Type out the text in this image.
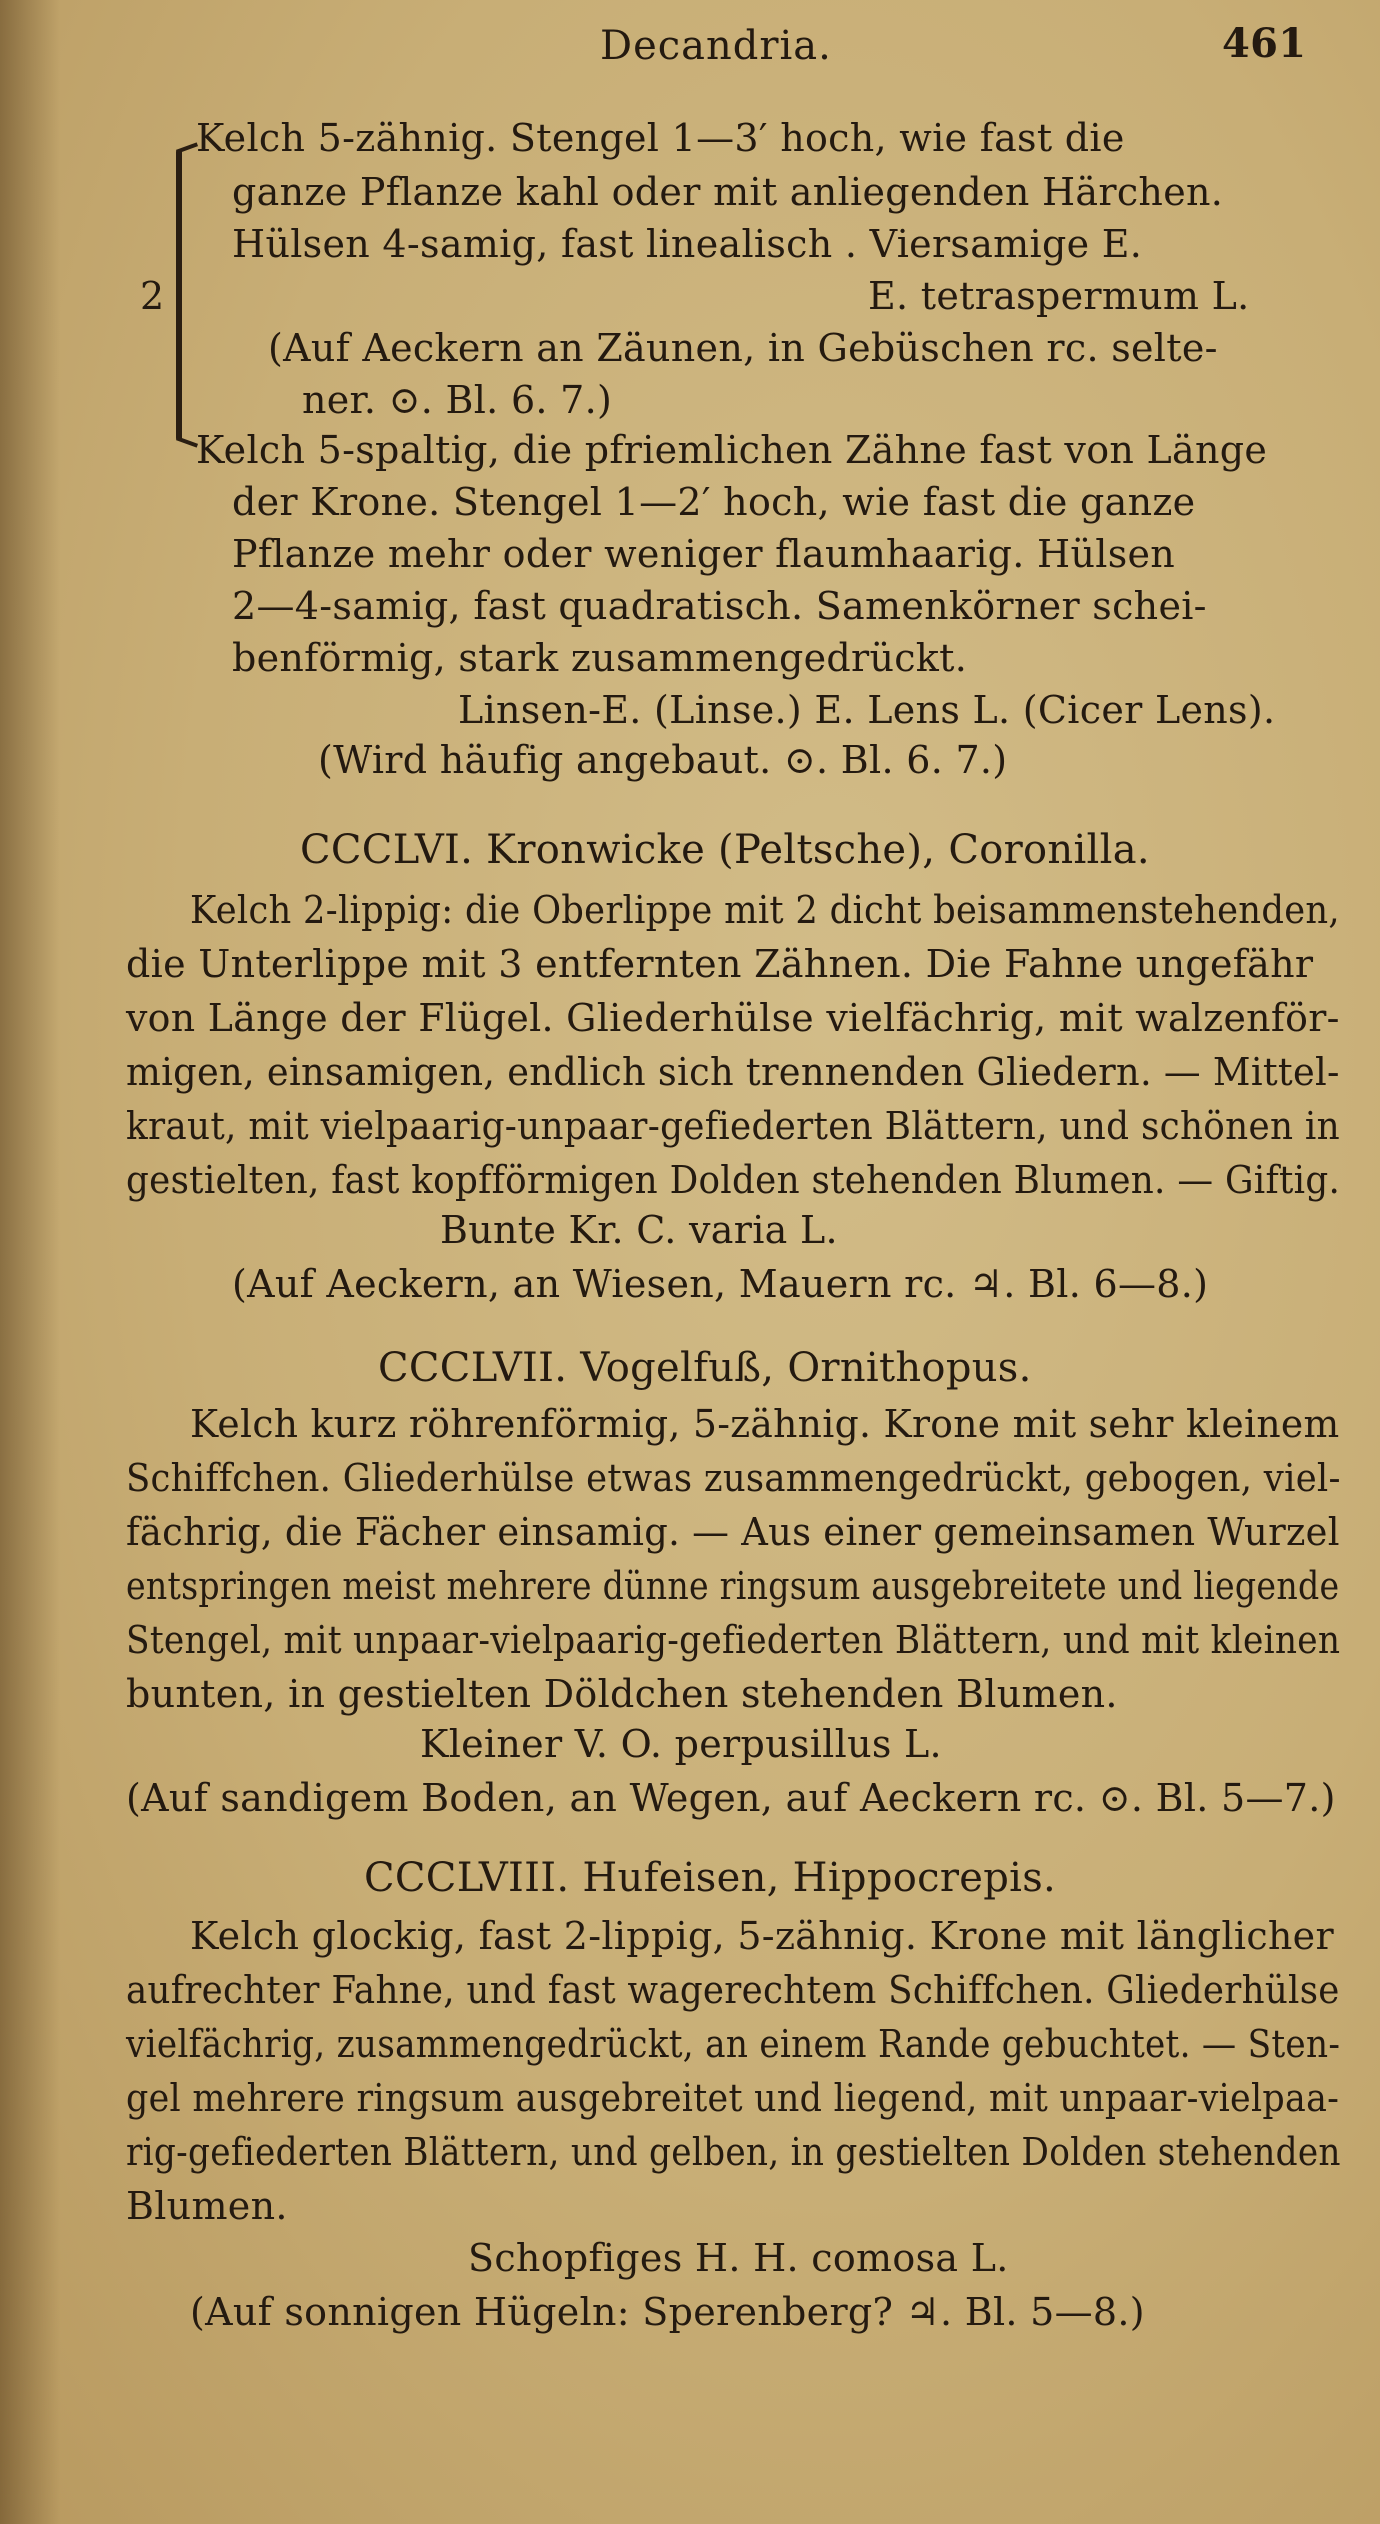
Decandria.	461
2
Kelch 5-zähnig. Stengel 1—3′ hoch, wie fast die
ganze Pflanze kahl oder mit anliegenden Härchen.
Hülsen 4-samig, fast linealisch . Viersamige E.
E. tetraspermum L.
(Auf Aeckern an Zäunen, in Gebüschen rc. selte-
ner. ⊙. Bl. 6. 7.)
Kelch 5-spaltig, die pfriemlichen Zähne fast von Länge
der Krone. Stengel 1—2′ hoch, wie fast die ganze
Pflanze mehr oder weniger flaumhaarig. Hülsen
2—4-samig, fast quadratisch. Samenkörner schei-
benförmig, stark zusammengedrückt.
Linsen-E. (Linse.) E. Lens L. (Cicer Lens).
(Wird häufig angebaut. ⊙. Bl. 6. 7.)
CCCLVI. Kronwicke (Peltsche), Coronilla.
Kelch 2-lippig: die Oberlippe mit 2 dicht beisammenstehenden,
die Unterlippe mit 3 entfernten Zähnen. Die Fahne ungefähr
von Länge der Flügel. Gliederhülse vielfächrig, mit walzenför-
migen, einsamigen, endlich sich trennenden Gliedern. — Mittel-
kraut, mit vielpaarig-unpaar-gefiederten Blättern, und schönen in
gestielten, fast kopfförmigen Dolden stehenden Blumen. — Giftig.
Bunte Kr. C. varia L.
(Auf Aeckern, an Wiesen, Mauern rc. ♃. Bl. 6—8.)
CCCLVII. Vogelfuß, Ornithopus.
Kelch kurz röhrenförmig, 5-zähnig. Krone mit sehr kleinem
Schiffchen. Gliederhülse etwas zusammengedrückt, gebogen, viel-
fächrig, die Fächer einsamig. — Aus einer gemeinsamen Wurzel
entspringen meist mehrere dünne ringsum ausgebreitete und liegende
Stengel, mit unpaar-vielpaarig-gefiederten Blättern, und mit kleinen
bunten, in gestielten Döldchen stehenden Blumen.
Kleiner V. O. perpusillus L.
(Auf sandigem Boden, an Wegen, auf Aeckern rc. ⊙. Bl. 5—7.)
CCCLVIII. Hufeisen, Hippocrepis.
Kelch glockig, fast 2-lippig, 5-zähnig. Krone mit länglicher
aufrechter Fahne, und fast wagerechtem Schiffchen. Gliederhülse
vielfächrig, zusammengedrückt, an einem Rande gebuchtet. — Sten-
gel mehrere ringsum ausgebreitet und liegend, mit unpaar-vielpaa-
rig-gefiederten Blättern, und gelben, in gestielten Dolden stehenden
Blumen.
Schopfiges H. H. comosa L.
(Auf sonnigen Hügeln: Sperenberg? ♃. Bl. 5—8.)
